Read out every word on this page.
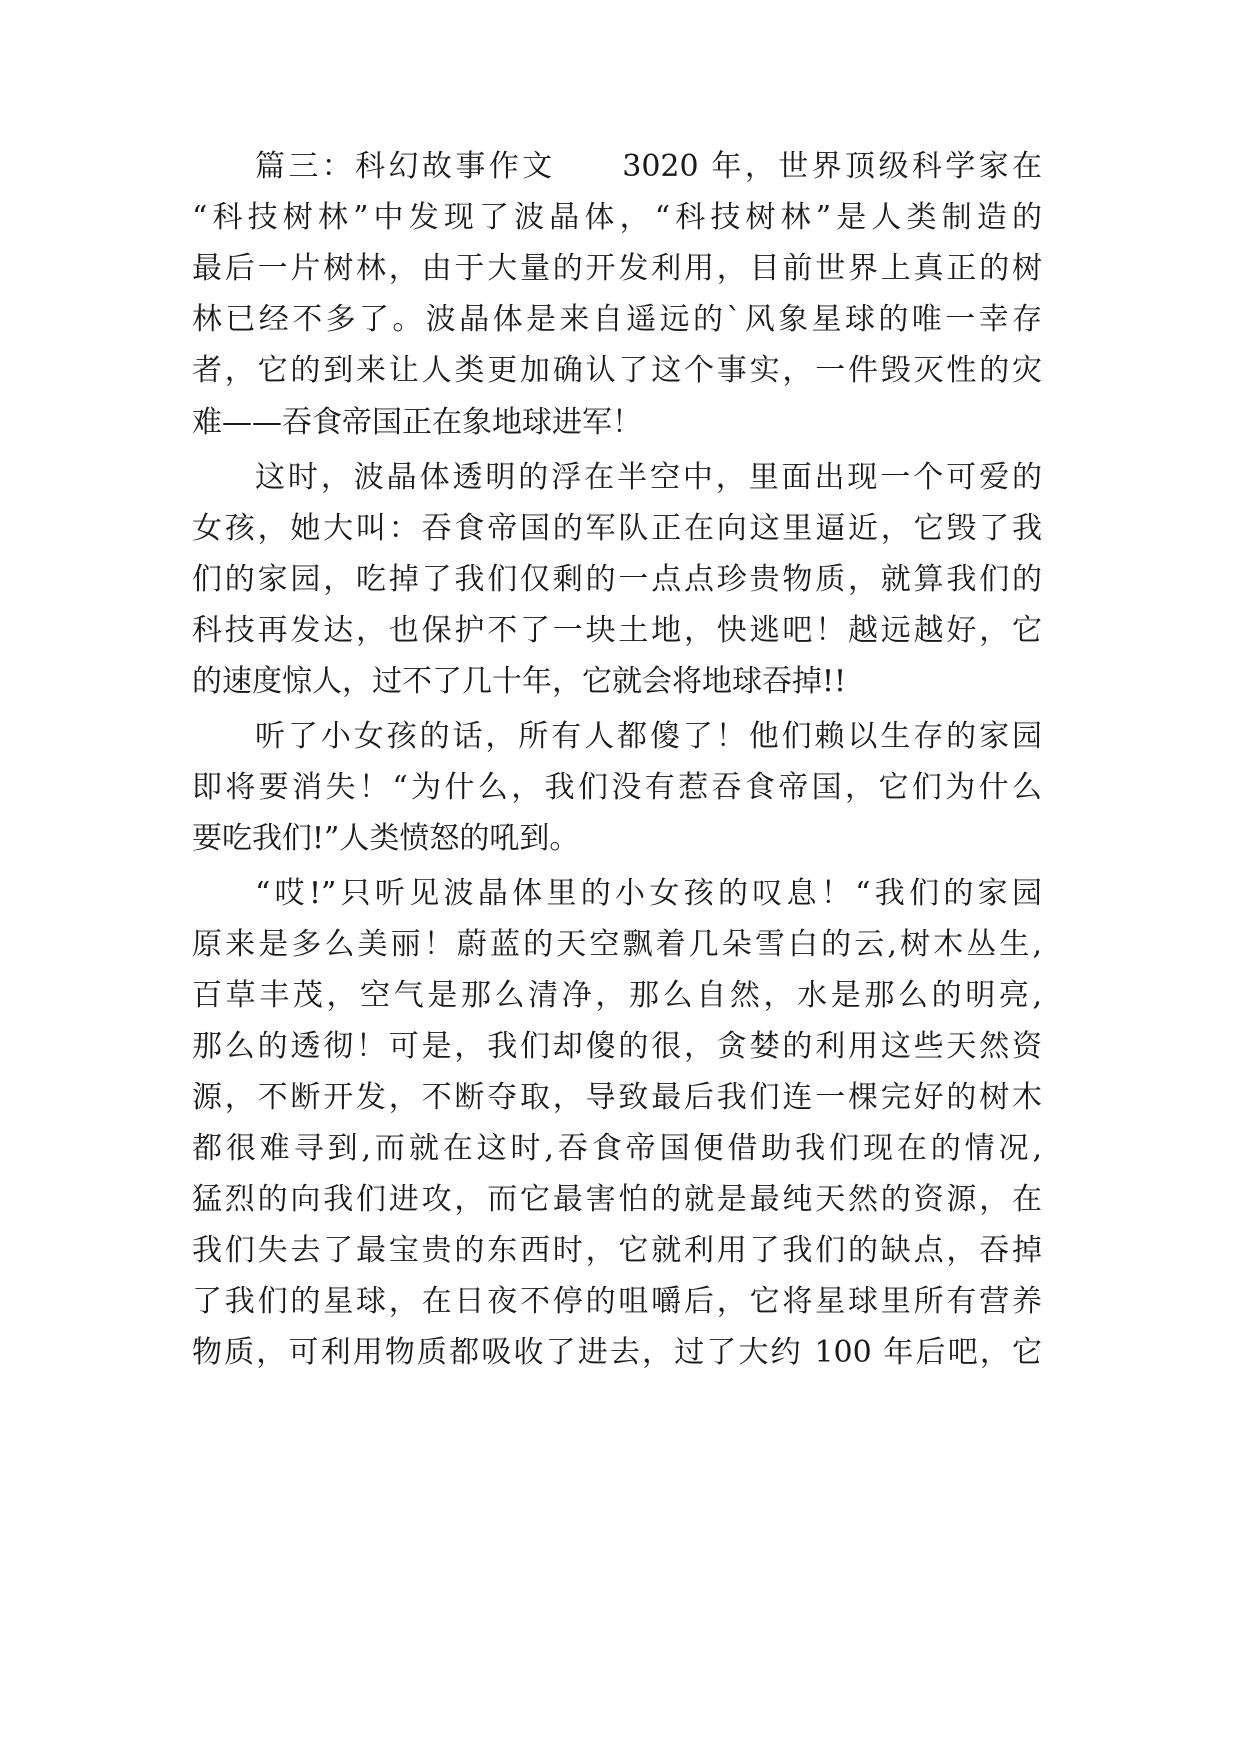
篇三：科幻故事作文　　3020 年，世界顶级科学家在
“科技树林”中发现了波晶体，“科技树林”是人类制造的
最后一片树林，由于大量的开发利用，目前世界上真正的树
林已经不多了。波晶体是来自遥远的`风象星球的唯一幸存
者，它的到来让人类更加确认了这个事实，一件毁灭性的灾
难——吞食帝国正在象地球进军！
这时，波晶体透明的浮在半空中，里面出现一个可爱的
女孩，她大叫：吞食帝国的军队正在向这里逼近，它毁了我
们的家园，吃掉了我们仅剩的一点点珍贵物质，就算我们的
科技再发达，也保护不了一块土地，快逃吧！越远越好，它
的速度惊人，过不了几十年，它就会将地球吞掉!!
听了小女孩的话，所有人都傻了！他们赖以生存的家园
即将要消失！“为什么，我们没有惹吞食帝国，它们为什么
要吃我们!”人类愤怒的吼到。
“哎!”只听见波晶体里的小女孩的叹息！“我们的家园
原来是多么美丽！蔚蓝的天空飘着几朵雪白的云,树木丛生,
百草丰茂，空气是那么清净，那么自然，水是那么的明亮,
那么的透彻！可是，我们却傻的很，贪婪的利用这些天然资
源，不断开发，不断夺取，导致最后我们连一棵完好的树木
都很难寻到,而就在这时,吞食帝国便借助我们现在的情况,
猛烈的向我们进攻，而它最害怕的就是最纯天然的资源，在
我们失去了最宝贵的东西时，它就利用了我们的缺点，吞掉
了我们的星球，在日夜不停的咀嚼后，它将星球里所有营养
物质，可利用物质都吸收了进去，过了大约 100 年后吧，它
